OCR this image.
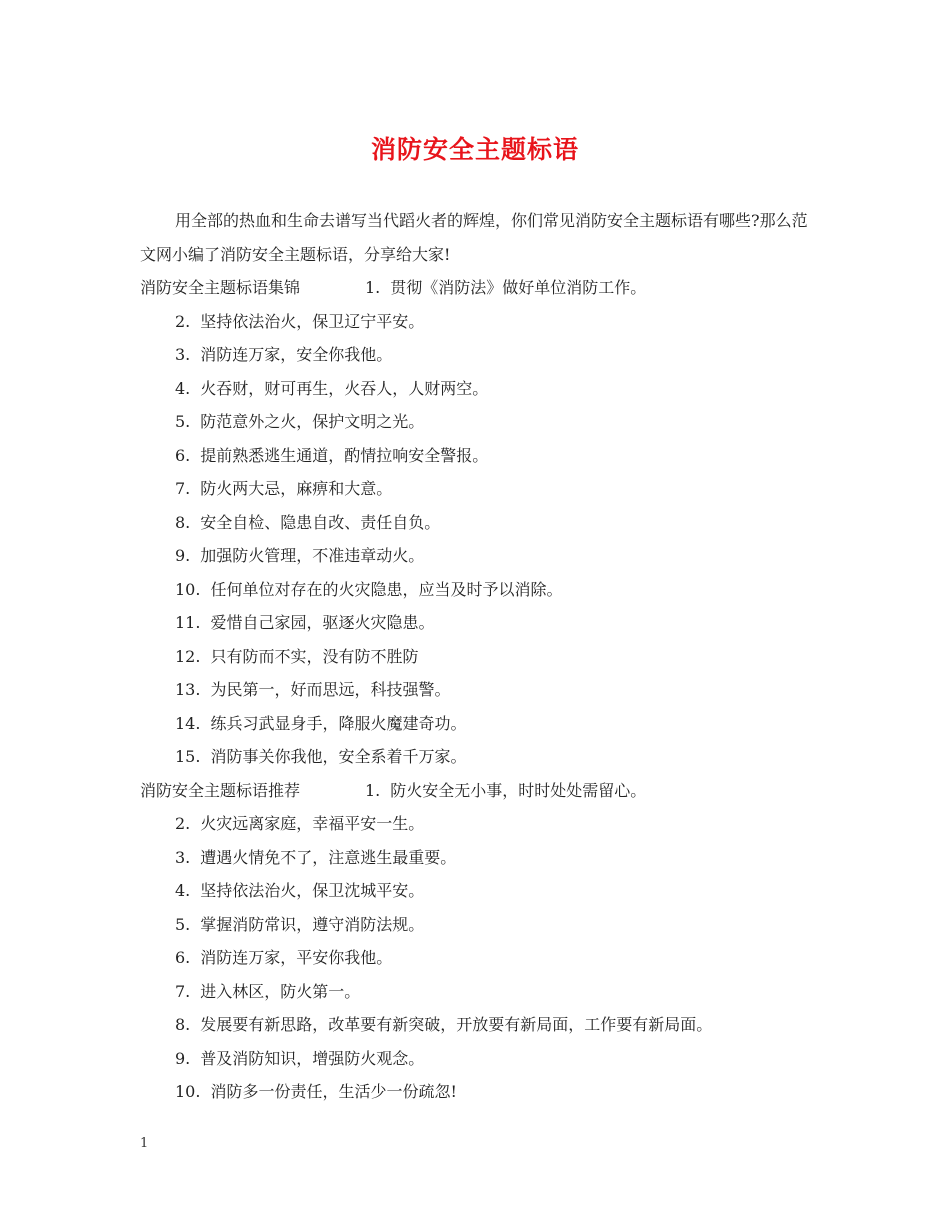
消防安全主题标语

用全部的热血和生命去谱写当代蹈火者的辉煌，你们常见消防安全主题标语有哪些?那么范文网小编了消防安全主题标语，分享给大家!

消防安全主题标语集锦	1. 贯彻《消防法》做好单位消防工作。
2. 坚持依法治火，保卫辽宁平安。
3. 消防连万家，安全你我他。
4. 火吞财，财可再生，火吞人，人财两空。
5. 防范意外之火，保护文明之光。
6. 提前熟悉逃生通道，酌情拉响安全警报。
7. 防火两大忌，麻痹和大意。
8. 安全自检、隐患自改、责任自负。
9. 加强防火管理，不准违章动火。
10. 任何单位对存在的火灾隐患，应当及时予以消除。
11. 爱惜自己家园，驱逐火灾隐患。
12. 只有防而不实，没有防不胜防
13. 为民第一，好而思远，科技强警。
14. 练兵习武显身手，降服火魔建奇功。
15. 消防事关你我他，安全系着千万家。
消防安全主题标语推荐	1. 防火安全无小事，时时处处需留心。
2. 火灾远离家庭，幸福平安一生。
3. 遭遇火情免不了，注意逃生最重要。
4. 坚持依法治火，保卫沈城平安。
5. 掌握消防常识，遵守消防法规。
6. 消防连万家，平安你我他。
7. 进入林区，防火第一。
8. 发展要有新思路，改革要有新突破，开放要有新局面，工作要有新局面。
9. 普及消防知识，增强防火观念。
10. 消防多一份责任，生活少一份疏忽!
1
